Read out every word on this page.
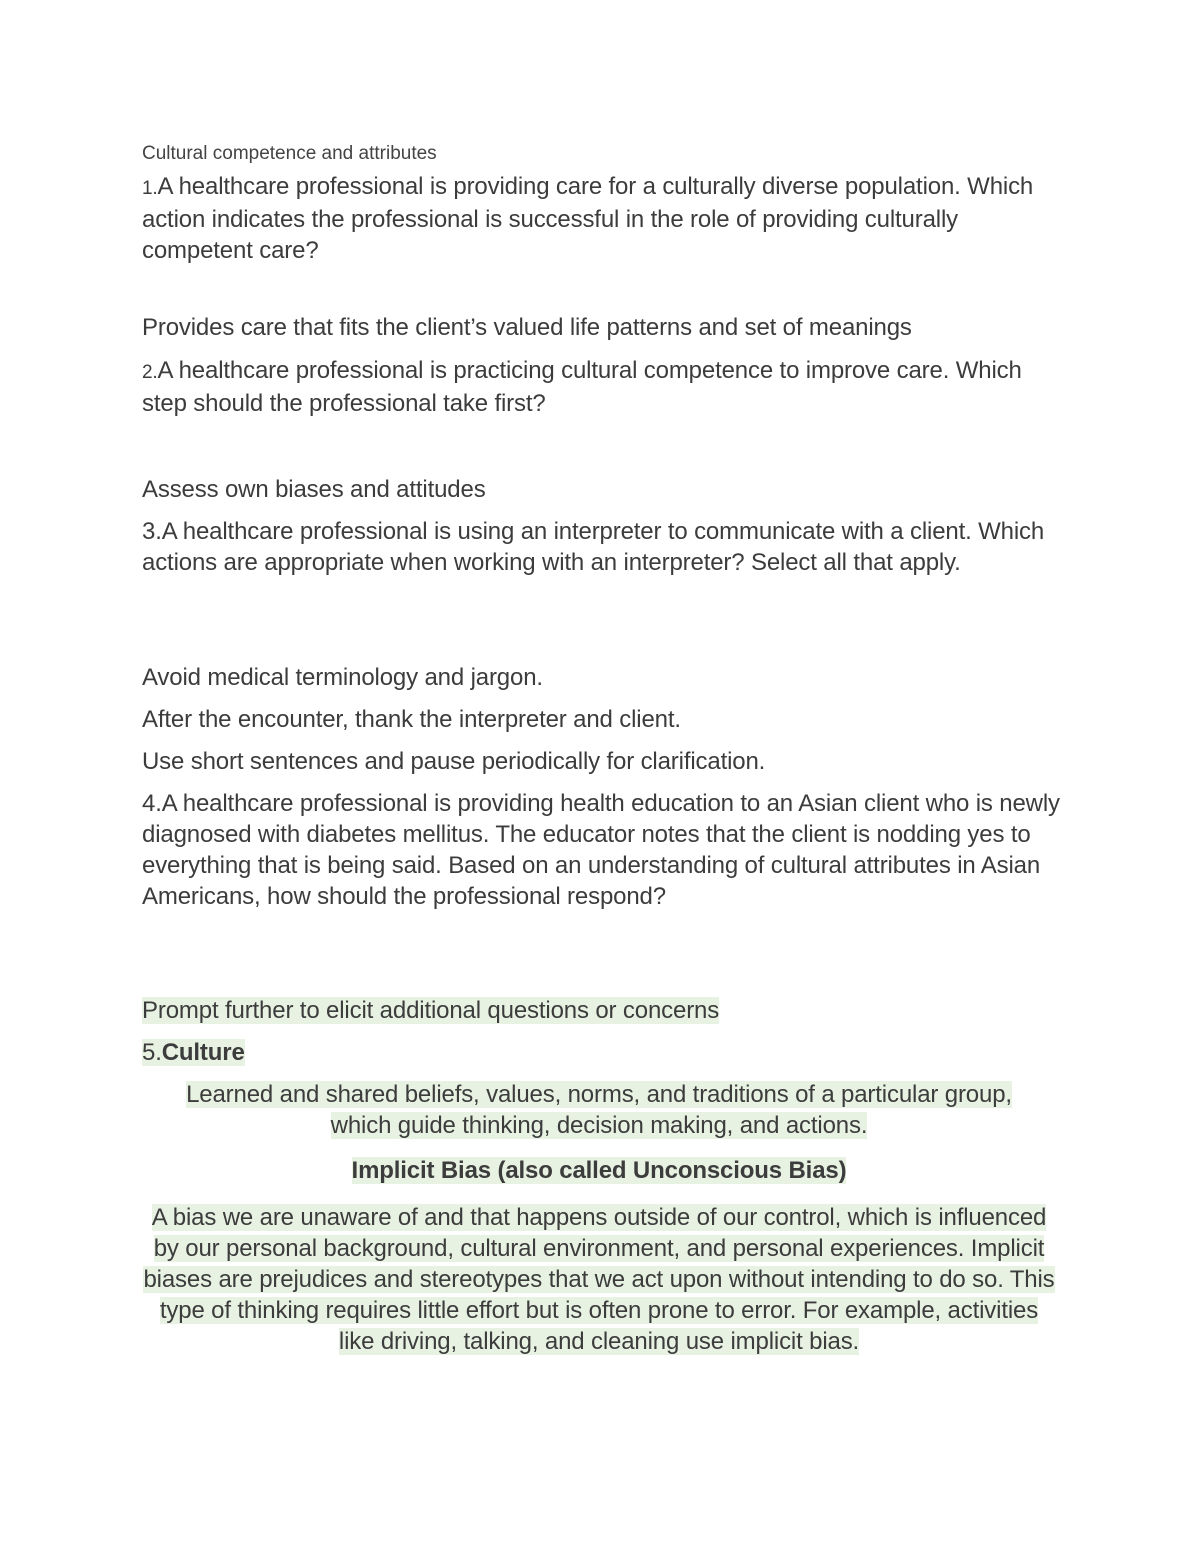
Cultural competence and attributes

1.A healthcare professional is providing care for a culturally diverse population. Which action indicates the professional is successful in the role of providing culturally competent care?

Provides care that fits the client’s valued life patterns and set of meanings

2.A healthcare professional is practicing cultural competence to improve care. Which step should the professional take first?

Assess own biases and attitudes

3.A healthcare professional is using an interpreter to communicate with a client. Which actions are appropriate when working with an interpreter? Select all that apply.

Avoid medical terminology and jargon.

After the encounter, thank the interpreter and client.

Use short sentences and pause periodically for clarification.

4.A healthcare professional is providing health education to an Asian client who is newly diagnosed with diabetes mellitus. The educator notes that the client is nodding yes to everything that is being said. Based on an understanding of cultural attributes in Asian Americans, how should the professional respond?

Prompt further to elicit additional questions or concerns

5.Culture

Learned and shared beliefs, values, norms, and traditions of a particular group, which guide thinking, decision making, and actions.

Implicit Bias (also called Unconscious Bias)

A bias we are unaware of and that happens outside of our control, which is influenced by our personal background, cultural environment, and personal experiences. Implicit biases are prejudices and stereotypes that we act upon without intending to do so. This type of thinking requires little effort but is often prone to error. For example, activities like driving, talking, and cleaning use implicit bias.
